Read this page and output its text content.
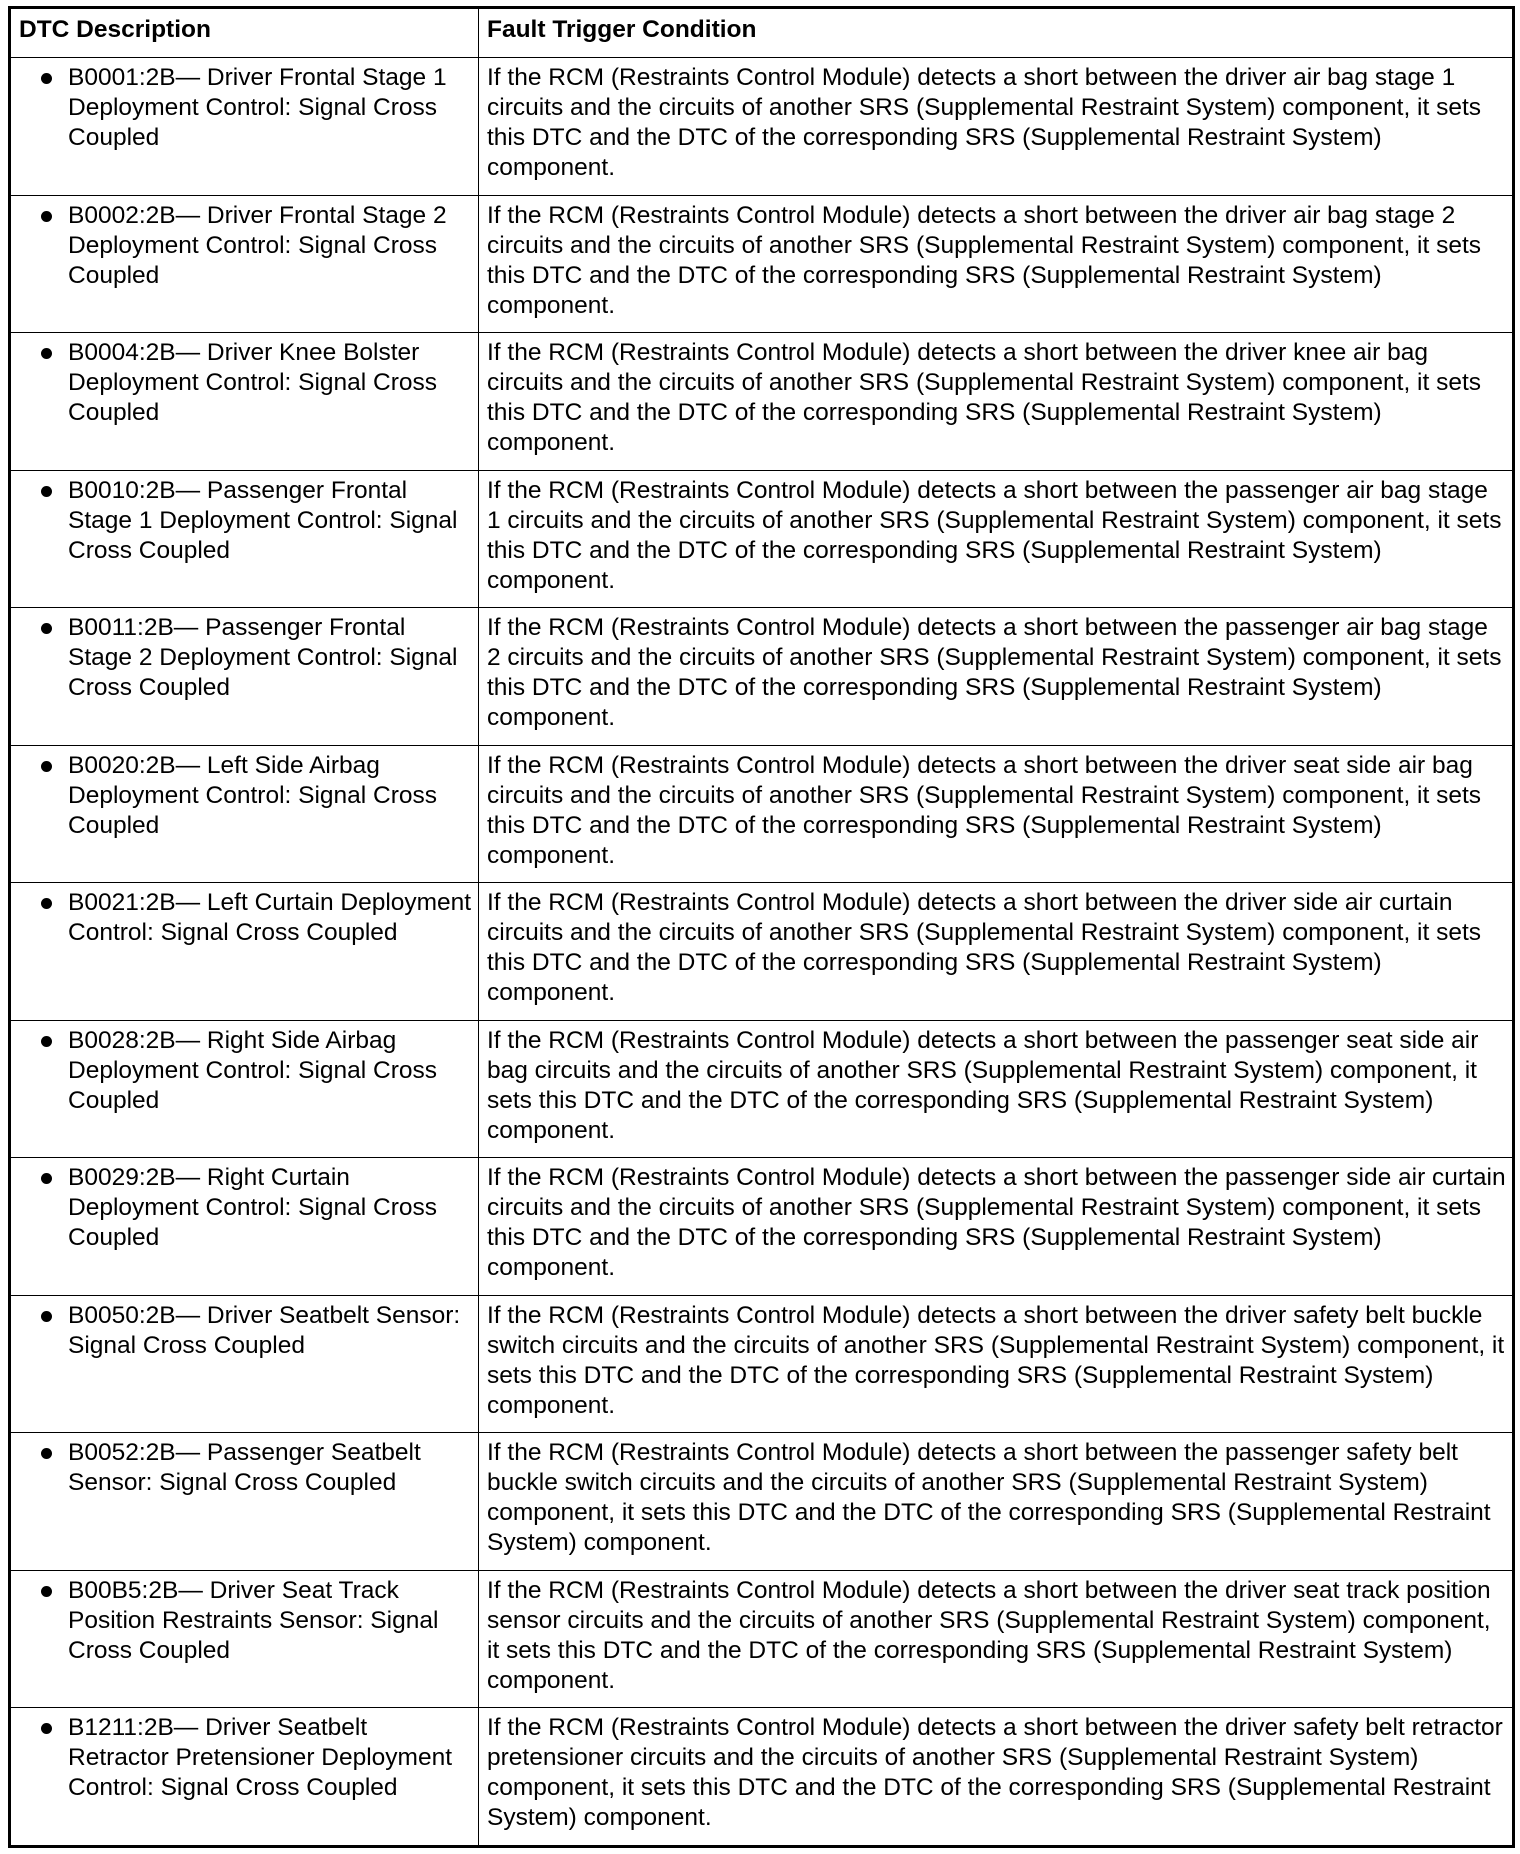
DTC Description	Fault Trigger Condition

B0001:2B— Driver Frontal Stage 1 Deployment Control: Signal Cross Coupled	If the RCM (Restraints Control Module) detects a short between the driver air bag stage 1 circuits and the circuits of another SRS (Supplemental Restraint System) component, it sets this DTC and the DTC of the corresponding SRS (Supplemental Restraint System) component.

B0002:2B— Driver Frontal Stage 2 Deployment Control: Signal Cross Coupled	If the RCM (Restraints Control Module) detects a short between the driver air bag stage 2 circuits and the circuits of another SRS (Supplemental Restraint System) component, it sets this DTC and the DTC of the corresponding SRS (Supplemental Restraint System) component.

B0004:2B— Driver Knee Bolster Deployment Control: Signal Cross Coupled	If the RCM (Restraints Control Module) detects a short between the driver knee air bag circuits and the circuits of another SRS (Supplemental Restraint System) component, it sets this DTC and the DTC of the corresponding SRS (Supplemental Restraint System) component.

B0010:2B— Passenger Frontal Stage 1 Deployment Control: Signal Cross Coupled	If the RCM (Restraints Control Module) detects a short between the passenger air bag stage 1 circuits and the circuits of another SRS (Supplemental Restraint System) component, it sets this DTC and the DTC of the corresponding SRS (Supplemental Restraint System) component.

B0011:2B— Passenger Frontal Stage 2 Deployment Control: Signal Cross Coupled	If the RCM (Restraints Control Module) detects a short between the passenger air bag stage 2 circuits and the circuits of another SRS (Supplemental Restraint System) component, it sets this DTC and the DTC of the corresponding SRS (Supplemental Restraint System) component.

B0020:2B— Left Side Airbag Deployment Control: Signal Cross Coupled	If the RCM (Restraints Control Module) detects a short between the driver seat side air bag circuits and the circuits of another SRS (Supplemental Restraint System) component, it sets this DTC and the DTC of the corresponding SRS (Supplemental Restraint System) component.

B0021:2B— Left Curtain Deployment Control: Signal Cross Coupled	If the RCM (Restraints Control Module) detects a short between the driver side air curtain circuits and the circuits of another SRS (Supplemental Restraint System) component, it sets this DTC and the DTC of the corresponding SRS (Supplemental Restraint System) component.

B0028:2B— Right Side Airbag Deployment Control: Signal Cross Coupled	If the RCM (Restraints Control Module) detects a short between the passenger seat side air bag circuits and the circuits of another SRS (Supplemental Restraint System) component, it sets this DTC and the DTC of the corresponding SRS (Supplemental Restraint System) component.

B0029:2B— Right Curtain Deployment Control: Signal Cross Coupled	If the RCM (Restraints Control Module) detects a short between the passenger side air curtain circuits and the circuits of another SRS (Supplemental Restraint System) component, it sets this DTC and the DTC of the corresponding SRS (Supplemental Restraint System) component.

B0050:2B— Driver Seatbelt Sensor: Signal Cross Coupled	If the RCM (Restraints Control Module) detects a short between the driver safety belt buckle switch circuits and the circuits of another SRS (Supplemental Restraint System) component, it sets this DTC and the DTC of the corresponding SRS (Supplemental Restraint System) component.

B0052:2B— Passenger Seatbelt Sensor: Signal Cross Coupled	If the RCM (Restraints Control Module) detects a short between the passenger safety belt buckle switch circuits and the circuits of another SRS (Supplemental Restraint System) component, it sets this DTC and the DTC of the corresponding SRS (Supplemental Restraint System) component.

B00B5:2B— Driver Seat Track Position Restraints Sensor: Signal Cross Coupled	If the RCM (Restraints Control Module) detects a short between the driver seat track position sensor circuits and the circuits of another SRS (Supplemental Restraint System) component, it sets this DTC and the DTC of the corresponding SRS (Supplemental Restraint System) component.

B1211:2B— Driver Seatbelt Retractor Pretensioner Deployment Control: Signal Cross Coupled	If the RCM (Restraints Control Module) detects a short between the driver safety belt retractor pretensioner circuits and the circuits of another SRS (Supplemental Restraint System) component, it sets this DTC and the DTC of the corresponding SRS (Supplemental Restraint System) component.
